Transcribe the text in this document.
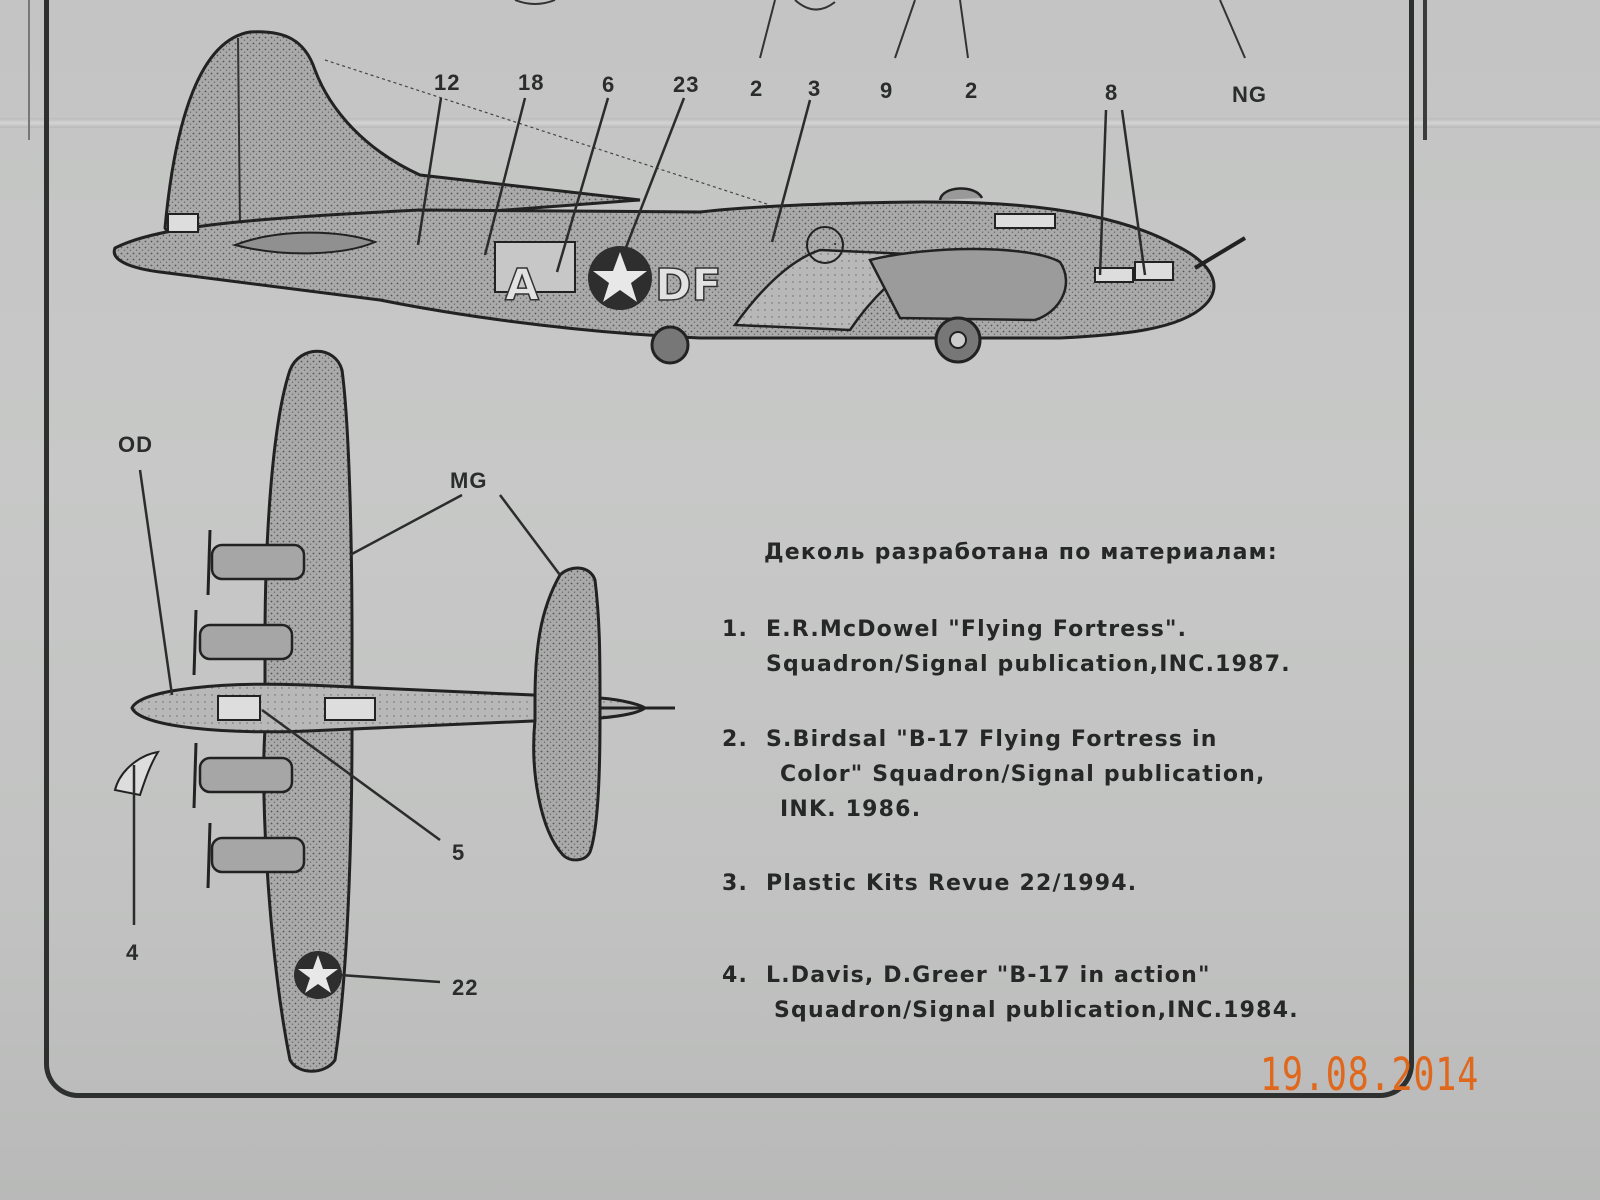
A	DF
12	18	6	23 2 3	9	2	8	NG
OD
MG
5
4
22
Деколь разработана по материалам:
1. E.R.McDowel "Flying Fortress".
Squadron/Signal publication,INC.1987.
2. S.Birdsal "B-17 Flying Fortress in
Color" Squadron/Signal publication,
INK. 1986.
3. Plastic Kits Revue 22/1994.
4. L.Davis, D.Greer "B-17 in action"
Squadron/Signal publication,INC.1984.
19.08.2014
